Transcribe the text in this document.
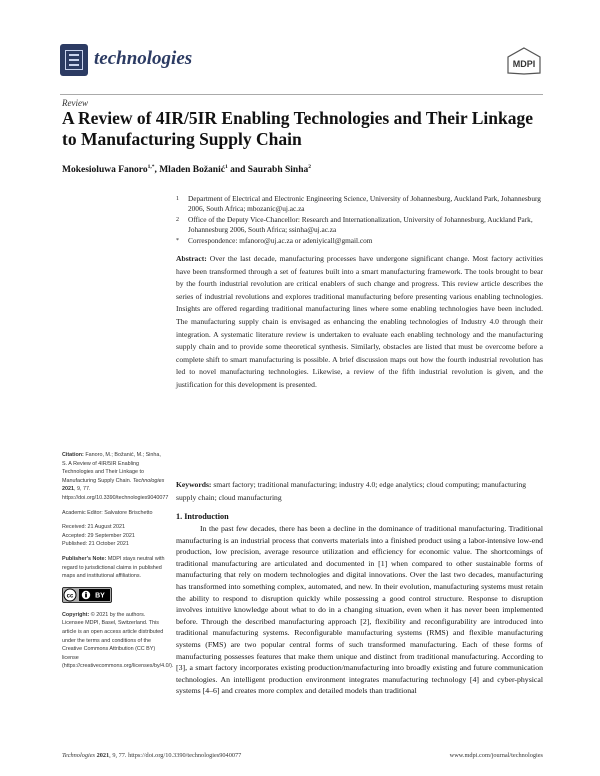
technologies	MDPI
Review
A Review of 4IR/5IR Enabling Technologies and Their Linkage to Manufacturing Supply Chain
Mokesioluwa Fanoro$^{1,*}$, Mladen Božanić$^1$ and Saurabh Sinha$^2$
1 Department of Electrical and Electronic Engineering Science, University of Johannesburg, Auckland Park, Johannesburg 2006, South Africa; mbozanic@uj.ac.za
2 Office of the Deputy Vice-Chancellor: Research and Internationalization, University of Johannesburg, Auckland Park, Johannesburg 2006, South Africa; ssinha@uj.ac.za
* Correspondence: mfanoro@uj.ac.za or adeniyicall@gmail.com
Abstract: Over the last decade, manufacturing processes have undergone significant change. Most factory activities have been transformed through a set of features built into a smart manufacturing framework. The tools brought to bear by the fourth industrial revolution are critical enablers of such change and progress. This review article describes the series of industrial revolutions and explores traditional manufacturing before presenting various enabling technologies. Insights are offered regarding traditional manufacturing lines where some enabling technologies have been included. The manufacturing supply chain is envisaged as enhancing the enabling technologies of Industry 4.0 through their integration. A systematic literature review is undertaken to evaluate each enabling technology and the manufacturing supply chain and to provide some theoretical synthesis. Similarly, obstacles are listed that must be overcome before a complete shift to smart manufacturing is possible. A brief discussion maps out how the fourth industrial revolution has led to novel manufacturing technologies. Likewise, a review of the fifth industrial revolution is given, and the justification for this development is presented.
Keywords: smart factory; traditional manufacturing; industry 4.0; edge analytics; cloud computing; manufacturing supply chain; cloud manufacturing
Citation: Fanoro, M.; Božanić, M.; Sinha, S. A Review of 4IR/5IR Enabling Technologies and Their Linkage to Manufacturing Supply Chain. Technologies 2021, 9, 77. https://doi.org/10.3390/technologies9040077
Academic Editor: Salvatore Brischetto
Received: 21 August 2021
Accepted: 29 September 2021
Published: 21 October 2021
Publisher’s Note: MDPI stays neutral with regard to jurisdictional claims in published maps and institutional affiliations.
cc	BY
Copyright: © 2021 by the authors. Licensee MDPI, Basel, Switzerland. This article is an open access article distributed under the terms and conditions of the Creative Commons Attribution (CC BY) license (https://creativecommons.org/licenses/by/4.0/).
1. Introduction
In the past few decades, there has been a decline in the dominance of traditional manufacturing. Traditional manufacturing is an industrial process that converts materials into a finished product using a labor-intensive low-end production, low precision, average resource utilization and efficiency for economic value. The shortcomings of traditional manufacturing are articulated and documented in [1] when compared to other sustainable forms of manufacturing that rely on modern technologies and digital innovations. Over the last two decades, manufacturing has transformed into something complex, automated, and new. In their evolution, manufacturing systems must retain the ability to respond to disruption quickly while possessing a good control structure. Response to disruption involves intuitive knowledge about what to do in a changing situation, even when it has never been implemented before. Through the described manufacturing approach [2], flexibility and reconfigurability are introduced into traditional manufacturing systems. Reconfigurable manufacturing systems (RMS) and flexible manufacturing systems (FMS) are two popular central forms of such transformed manufacturing. Each of these forms of manufacturing possesses features that make them unique and distinct from traditional manufacturing. According to [3], a smart factory incorporates existing production/manufacturing into broadly existing and future communication technologies. An intelligent production environment integrates manufacturing technology [4] and cyber-physical systems [4–6] and creates more complex and detailed models than traditional
Technologies 2021, 9, 77. https://doi.org/10.3390/technologies9040077	www.mdpi.com/journal/technologies
